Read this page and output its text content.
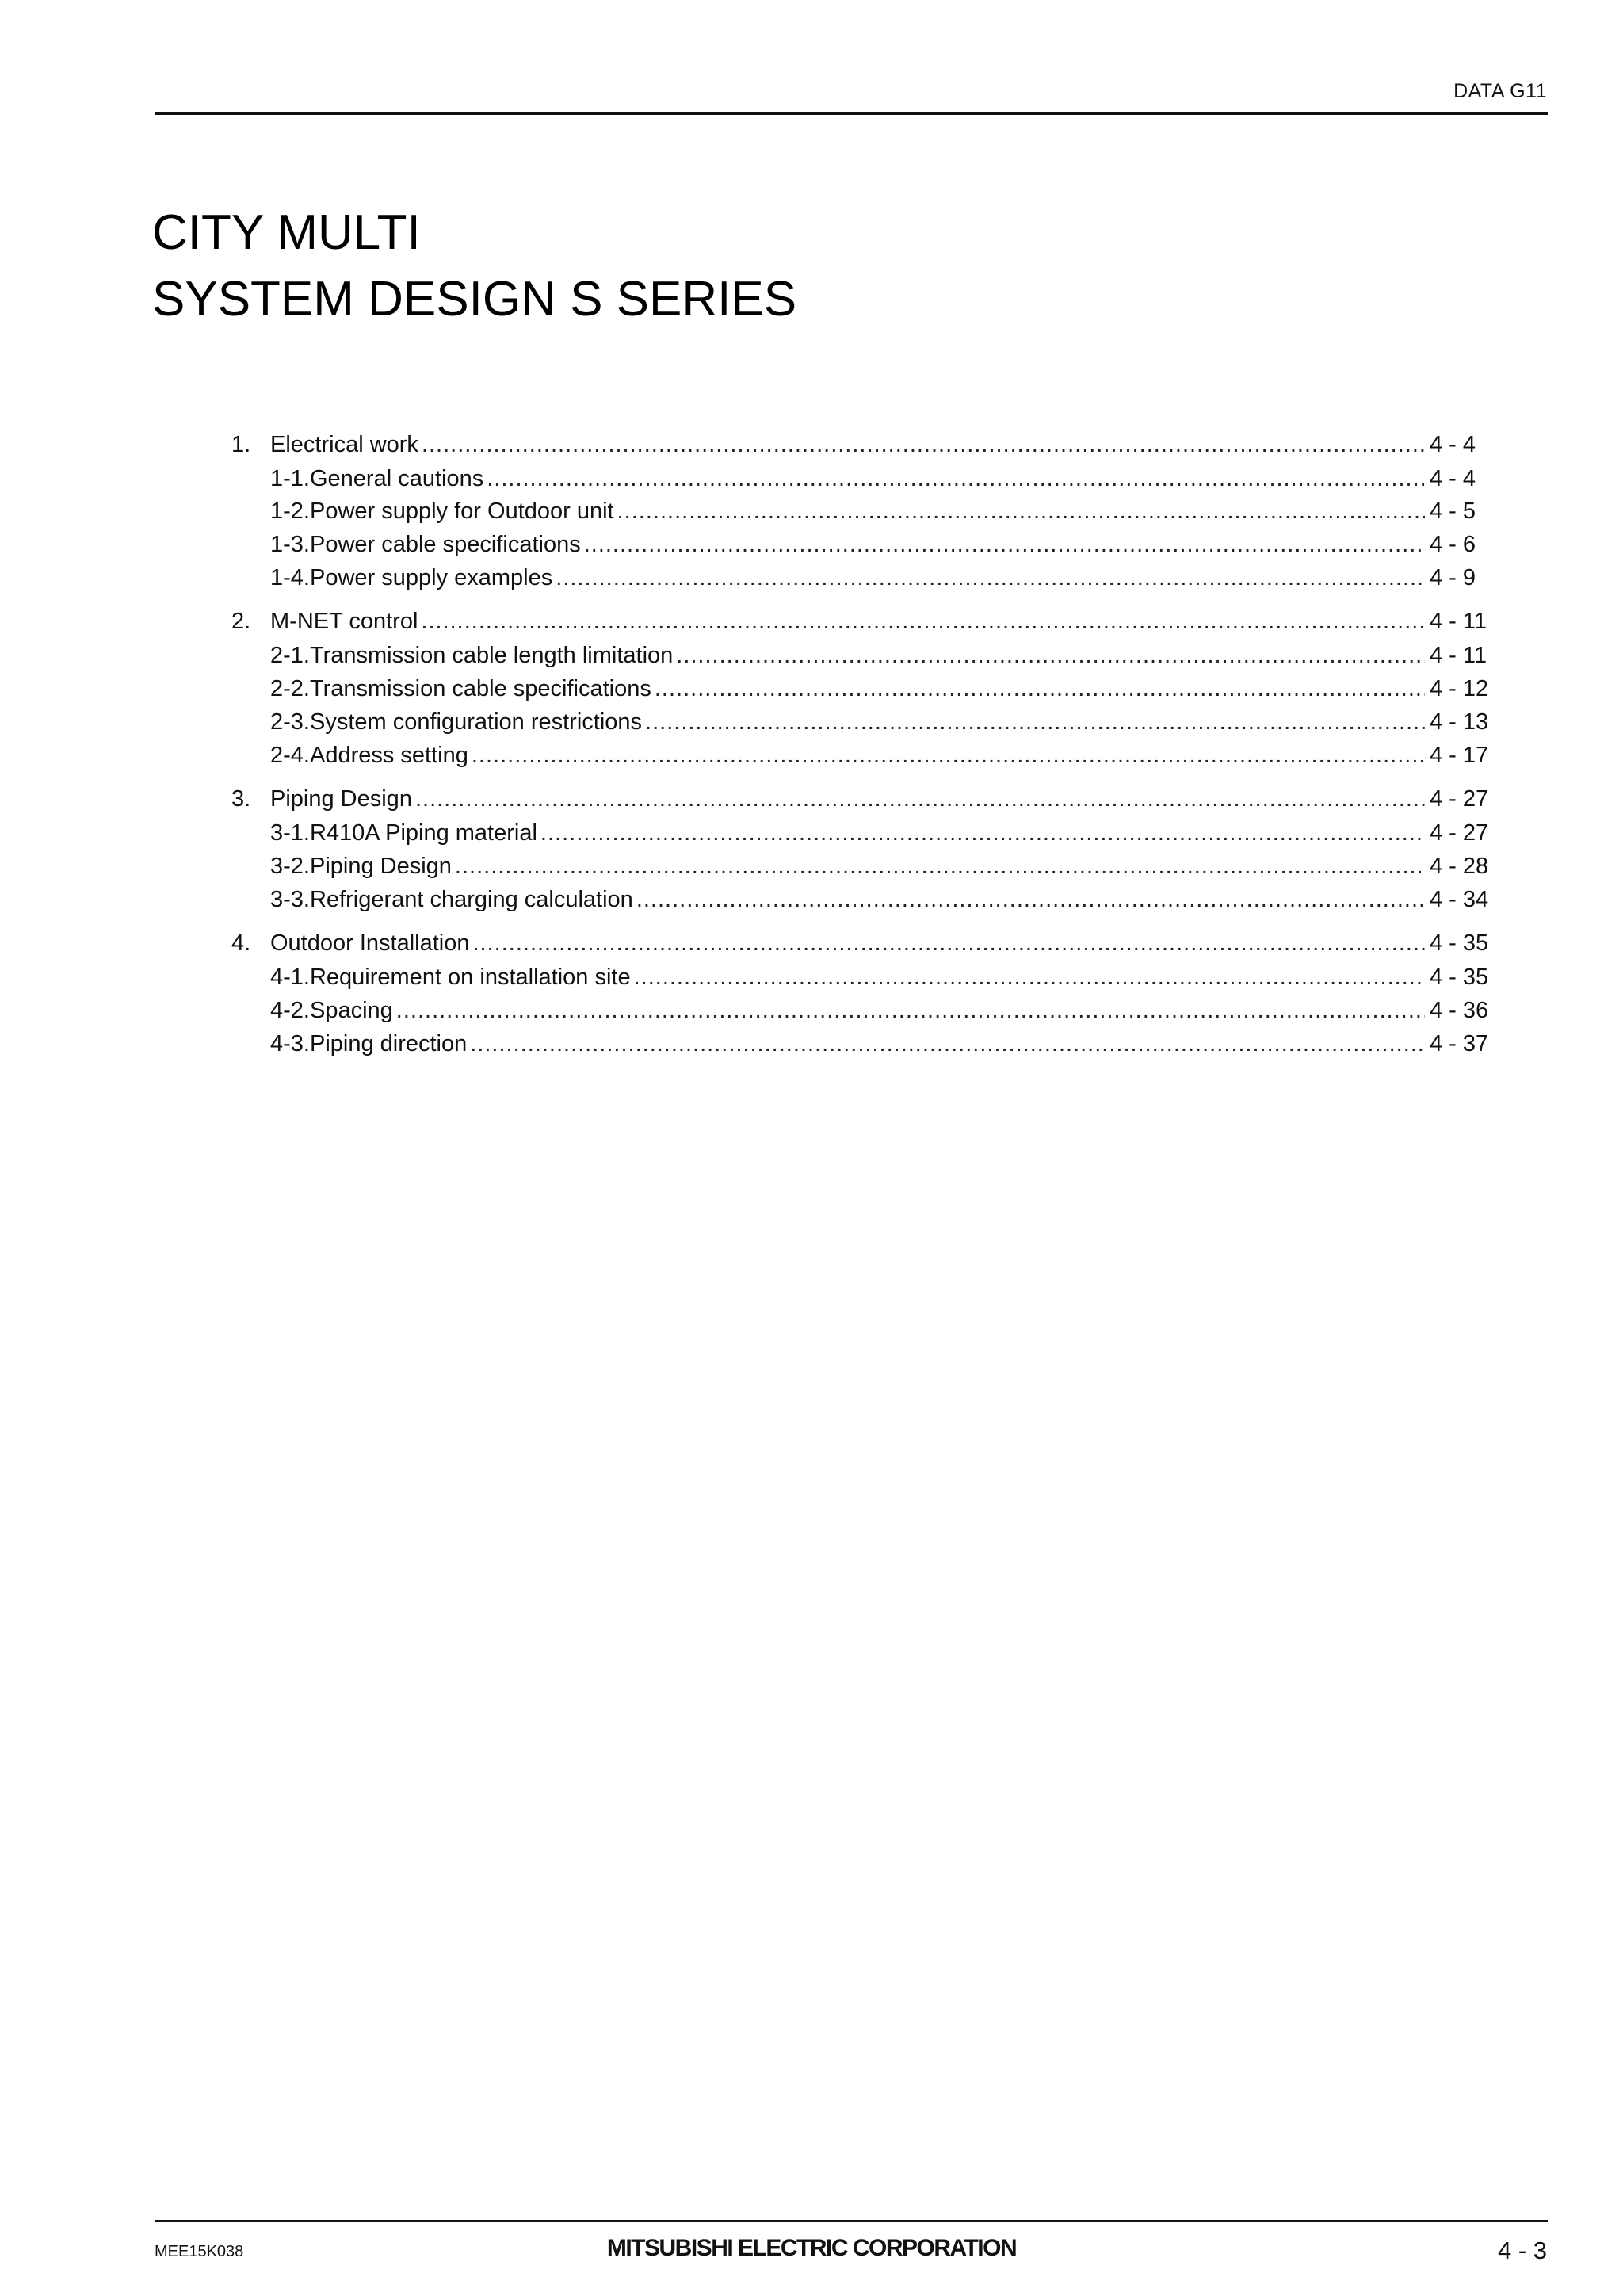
DATA G11
CITY MULTI
SYSTEM DESIGN S SERIES
1. Electrical work .....	4 - 4
1-1.General cautions .....	4 - 4
1-2.Power supply for Outdoor unit .....	4 - 5
1-3.Power cable specifications .....	4 - 6
1-4.Power supply examples .....	4 - 9
2. M-NET control .....	4 - 11
2-1.Transmission cable length limitation .....	4 - 11
2-2.Transmission cable specifications .....	4 - 12
2-3.System configuration restrictions .....	4 - 13
2-4.Address setting .....	4 - 17
3. Piping Design .....	4 - 27
3-1.R410A Piping material .....	4 - 27
3-2.Piping Design .....	4 - 28
3-3.Refrigerant charging calculation .....	4 - 34
4. Outdoor Installation .....	4 - 35
4-1.Requirement on installation site .....	4 - 35
4-2.Spacing .....	4 - 36
4-3.Piping direction .....	4 - 37
MEE15K038	MITSUBISHI ELECTRIC CORPORATION	4 - 3
